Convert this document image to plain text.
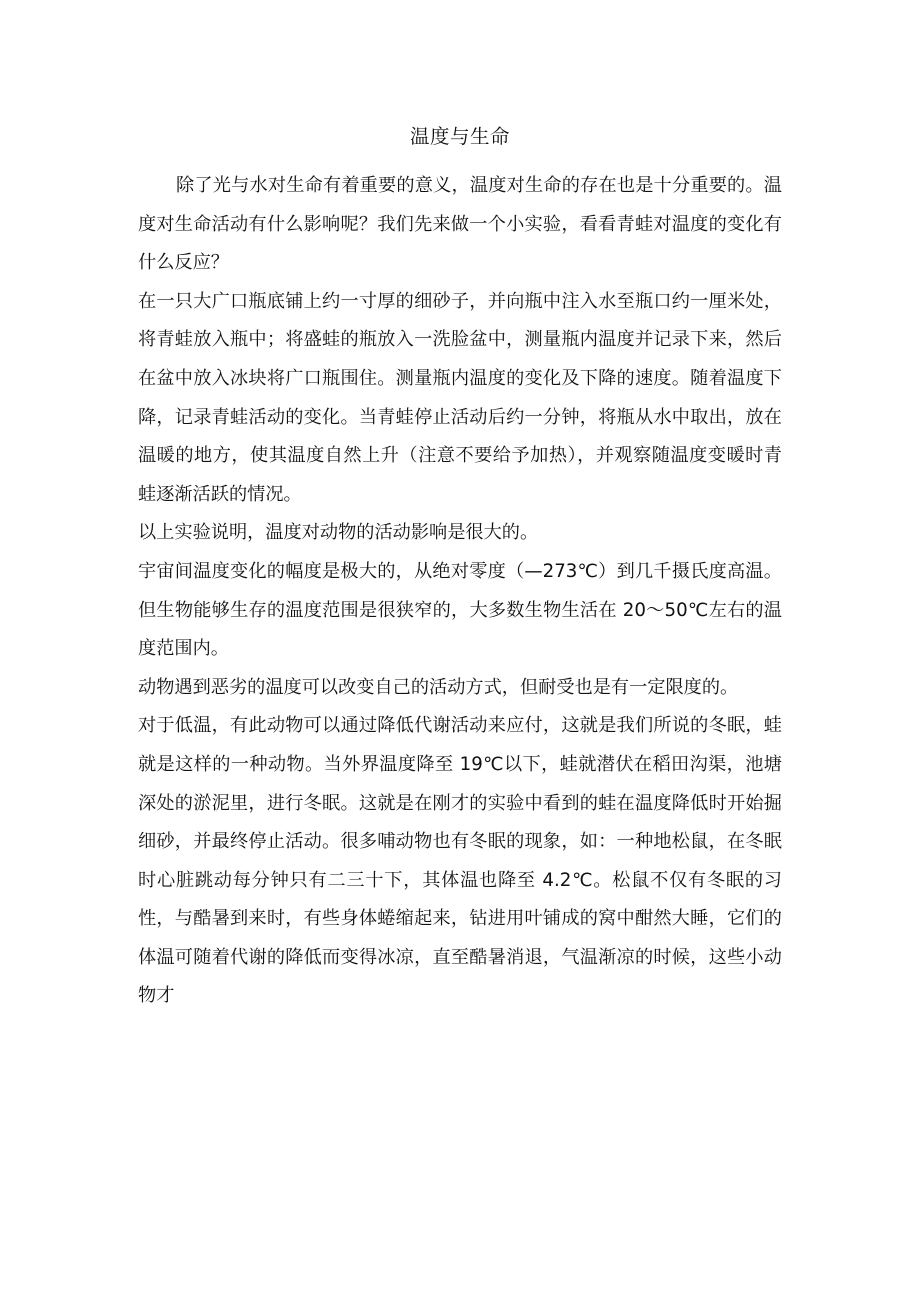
温度与生命

除了光与水对生命有着重要的意义，温度对生命的存在也是十分重要的。温度对生命活动有什么影响呢？我们先来做一个小实验，看看青蛙对温度的变化有什么反应？

在一只大广口瓶底铺上约一寸厚的细砂子，并向瓶中注入水至瓶口约一厘米处，将青蛙放入瓶中；将盛蛙的瓶放入一洗脸盆中，测量瓶内温度并记录下来，然后在盆中放入冰块将广口瓶围住。测量瓶内温度的变化及下降的速度。随着温度下降，记录青蛙活动的变化。当青蛙停止活动后约一分钟，将瓶从水中取出，放在温暖的地方，使其温度自然上升（注意不要给予加热），并观察随温度变暖时青蛙逐渐活跃的情况。

以上实验说明，温度对动物的活动影响是很大的。

宇宙间温度变化的幅度是极大的，从绝对零度（—273℃）到几千摄氏度高温。但生物能够生存的温度范围是很狭窄的，大多数生物生活在 20～50℃左右的温度范围内。

动物遇到恶劣的温度可以改变自己的活动方式，但耐受也是有一定限度的。

对于低温，有此动物可以通过降低代谢活动来应付，这就是我们所说的冬眠，蛙就是这样的一种动物。当外界温度降至 19℃以下，蛙就潜伏在稻田沟渠，池塘深处的淤泥里，进行冬眠。这就是在刚才的实验中看到的蛙在温度降低时开始掘细砂，并最终停止活动。很多哺动物也有冬眠的现象，如：一种地松鼠，在冬眠时心脏跳动每分钟只有二三十下，其体温也降至 4.2℃。松鼠不仅有冬眠的习性，与酷暑到来时，有些身体蜷缩起来，钻进用叶铺成的窝中酣然大睡，它们的体温可随着代谢的降低而变得冰凉，直至酷暑消退，气温渐凉的时候，这些小动物才
